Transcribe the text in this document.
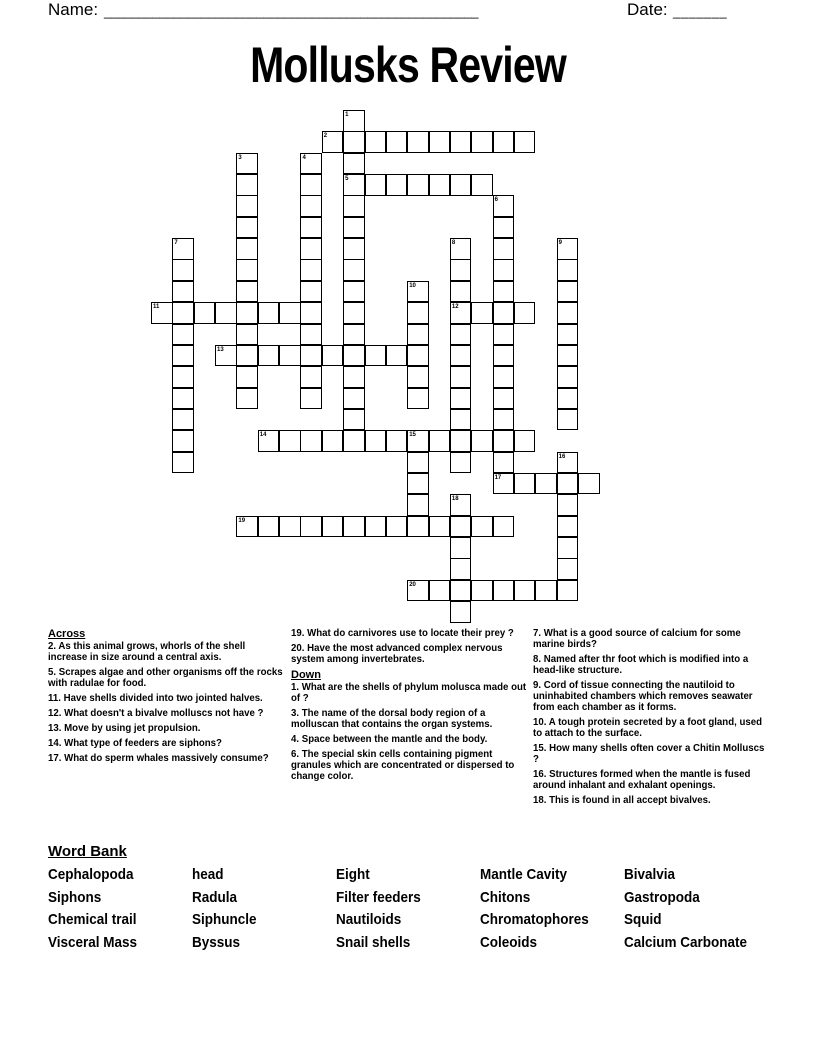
Name: ______________________________________________________	Date: _______
Mollusks Review
1
2
3	4
5
6
7	8	9
10
11	12
13
14	15
16
17
18
19
20
Across
2. As this animal grows, whorls of the shell increase in size around a central axis.
5. Scrapes algae and other organisms off the rocks with radulae for food.
11. Have shells divided into two jointed halves.
12. What doesn't a bivalve molluscs not have ?
13. Move by using jet propulsion.
14. What type of feeders are siphons?
17. What do sperm whales massively consume?
19. What do carnivores use to locate their prey ?
20. Have the most advanced complex nervous system among invertebrates.
Down
1. What are the shells of phylum molusca made out of ?
3. The name of the dorsal body region of a molluscan that contains the organ systems.
4. Space between the mantle and the body.
6. The special skin cells containing pigment granules which are concentrated or dispersed to change color.
7. What is a good source of calcium for some marine birds?
8. Named after thr foot which is modified into a head-like structure.
9. Cord of tissue connecting the nautiloid to uninhabited chambers which removes seawater from each chamber as it forms.
10. A tough protein secreted by a foot gland, used to attach to the surface.
15. How many shells often cover a Chitin Molluscs ?
16. Structures formed when the mantle is fused around inhalant and exhalant openings.
18. This is found in all accept bivalves.
Word Bank
Cephalopoda
Siphons
Chemical trail
Visceral Mass
head
Radula
Siphuncle
Byssus
Eight
Filter feeders
Nautiloids
Snail shells
Mantle Cavity
Chitons
Chromatophores
Coleoids
Bivalvia
Gastropoda
Squid
Calcium Carbonate
